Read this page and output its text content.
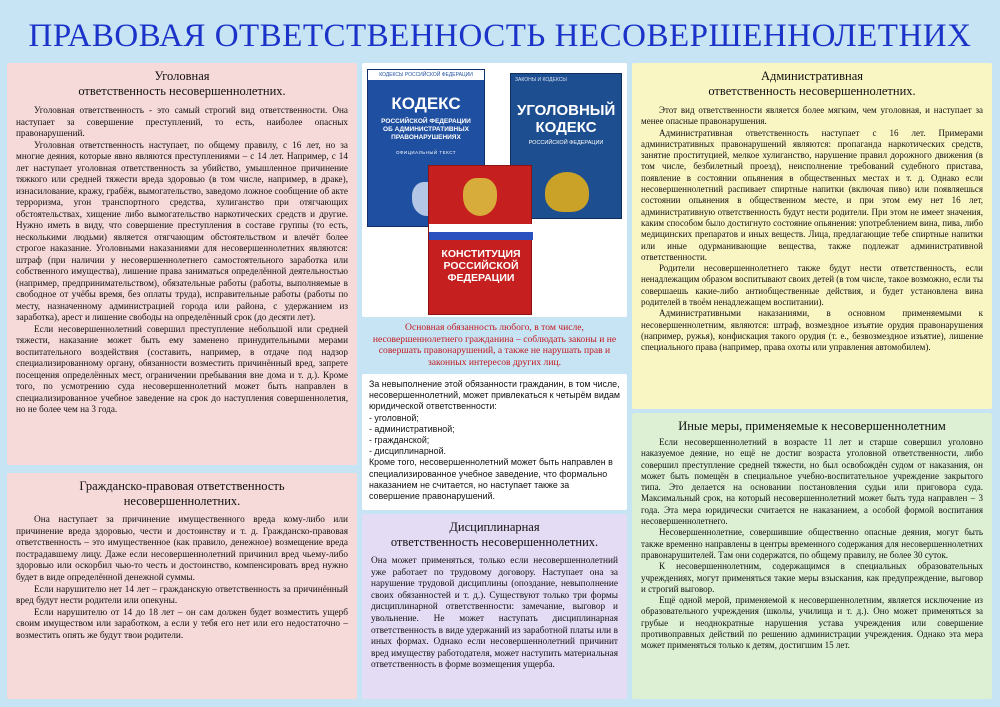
ПРАВОВАЯ ОТВЕТСТВЕННОСТЬ НЕСОВЕРШЕННОЛЕТНИХ
Уголовная
ответственность несовершеннолетних.

Уголовная ответственность - это самый строгий вид ответственности. Она наступает за совершение преступлений, то есть, наиболее опасных правонарушений.

Уголовная ответственность наступает, по общему правилу, с 16 лет, но за многие деяния, которые явно являются преступлениями – с 14 лет. Например, с 14 лет наступает уголовная ответственность за убийство, умышленное причинение тяжкого или средней тяжести вреда здоровью (в том числе, например, в драке), изнасилование, кражу, грабёж, вымогательство, заведомо ложное сообщение об акте терроризма, угон транспортного средства, хулиганство при отягчающих обстоятельствах, хищение либо вымогательство наркотических средств и другие. Нужно иметь в виду, что совершение преступления в составе группы (то есть, несколькими людьми) является отягчающим обстоятельством и влечёт более строгое наказание. Уголовными наказаниями для несовершеннолетних являются: штраф (при наличии у несовершеннолетнего самостоятельного заработка или собственного имущества), лишение права заниматься определённой деятельностью (например, предпринимательством), обязательные работы (работы, выполняемые в свободное от учёбы время, без оплаты труда), исправительные работы (работы по месту, назначенному администрацией города или района, с удержанием из заработка), арест и лишение свободы на определённый срок (до десяти лет).

Если несовершеннолетний совершил преступление небольшой или средней тяжести, наказание может быть ему заменено принудительными мерами воспитательного воздействия (составить, например, в отдаче под надзор специализированному органу, обязанности возместить причинённый вред, запрете посещения определённых мест, ограничении пребывания вне дома и т. д.). Кроме того, по усмотрению суда несовершеннолетний может быть направлен в специализированное учебное заведение на срок до наступления совершеннолетия, но не более чем на 3 года.

Гражданско-правовая ответственность
несовершеннолетних.

Она наступает за причинение имущественного вреда кому-либо или причинение вреда здоровью, чести и достоинству и т. д. Гражданско-правовая ответственность – это имущественное (как правило, денежное) возмещение вреда пострадавшему лицу. Даже если несовершеннолетний причинил вред чьему-либо здоровью или оскорбил чью-то честь и достоинство, компенсировать вред нужно будет в виде определённой денежной суммы.

Если нарушителю нет 14 лет – гражданскую ответственность за причинённый вред будут нести родители или опекуны.

Если нарушителю от 14 до 18 лет – он сам должен будет возместить ущерб своим имуществом или заработком, а если у тебя его нет или его недостаточно – возместить опять же будут твои родители.

КОДЕКСЫ РОССИЙСКОЙ ФЕДЕРАЦИИ
КОДЕКС
РОССИЙСКОЙ ФЕДЕРАЦИИ ОБ АДМИНИСТРАТИВНЫХ ПРАВОНАРУШЕНИЯХ
ОФИЦИАЛЬНЫЙ ТЕКСТ
ЗАКОНЫ И КОДЕКСЫ
УГОЛОВНЫЙ КОДЕКС
РОССИЙСКОЙ ФЕДЕРАЦИИ
КОНСТИТУЦИЯ РОССИЙСКОЙ ФЕДЕРАЦИИ
Основная обязанность любого, в том числе, несовершеннолетнего гражданина – соблюдать законы и не совершать правонарушений, а также не нарушать прав и законных интересов других лиц.

За невыполнение этой обязанности гражданин, в том числе, несовершеннолетний, может привлекаться к четырём видам юридической ответственности:

- уголовной;
- административной;
- гражданской;
- дисциплинарной.

Кроме того, несовершеннолетний может быть направлен в специализированное учебное заведение, что формально наказанием не считается, но наступает также за совершение правонарушений.

Дисциплинарная
ответственность несовершеннолетних.

Она может применяться, только если несовершеннолетний уже работает по трудовому договору. Наступает она за нарушение трудовой дисциплины (опоздание, невыполнение своих обязанностей и т. д.). Существуют только три формы дисциплинарной ответственности: замечание, выговор и увольнение. Не может наступать дисциплинарная ответственность в виде удержаний из заработной платы или в иных формах. Однако если несовершеннолетний причинит вред имуществу работодателя, может наступить материальная ответственность в форме возмещения ущерба.

Административная
ответственность несовершеннолетних.

Этот вид ответственности является более мягким, чем уголовная, и наступает за менее опасные правонарушения.

Административная ответственность наступает с 16 лет. Примерами административных правонарушений являются: пропаганда наркотических средств, занятие проституцией, мелкое хулиганство, нарушение правил дорожного движения (в том числе, безбилетный проезд), неисполнение требований судебного пристава, появление в состоянии опьянения в общественных местах и т. д. Однако если несовершеннолетний распивает спиртные напитки (включая пиво) или появляешься состоянии опьянения в общественном месте, и при этом ему нет 16 лет, административную ответственность будут нести родители. При этом не имеет значения, каким способом было достигнуто состояние опьянения: употреблением вина, пива, либо медицинских препаратов и иных веществ. Лица, предлагающие тебе спиртные напитки или иные одурманивающие вещества, также подлежат административной ответственности.

Родители несовершеннолетнего также будут нести ответственность, если ненадлежащим образом воспитывают своих детей (в том числе, такое возможно, если ты совершаешь какие-либо антиобщественные действия, и будет установлена вина родителей в твоём ненадлежащем воспитании).

Административными наказаниями, в основном применяемыми к несовершеннолетним, являются: штраф, возмездное изъятие орудия правонарушения (например, ружья), конфискация такого орудия (т. е., безвозмездное изъятие), лишение специального права (например, права охоты или управления автомобилем).

Иные меры, применяемые к несовершеннолетним

Если несовершеннолетний в возрасте 11 лет и старше совершил уголовно наказуемое деяние, но ещё не достиг возраста уголовной ответственности, либо совершил преступление средней тяжести, но был освобождён судом от наказания, он может быть помещён в специальное учебно-воспитательное учреждение закрытого типа. Это делается на основании постановления судьи или приговора суда. Максимальный срок, на который несовершеннолетний может быть туда направлен – 3 года. Эта мера юридически считается не наказанием, а особой формой воспитания несовершеннолетнего.

Несовершеннолетние, совершившие общественно опасные деяния, могут быть также временно направлены в центры временного содержания для несовершеннолетних правонарушителей. Там они содержатся, по общему правилу, не более 30 суток.

К несовершеннолетним, содержащимся в специальных образовательных учреждениях, могут применяться такие меры взыскания, как предупреждение, выговор и строгий выговор.

Ещё одной мерой, применяемой к несовершеннолетним, является исключение из образовательного учреждения (школы, училища и т. д.). Оно может применяться за грубые и неоднократные нарушения устава учреждения или совершение противоправных действий по решению администрации учреждения. Однако эта мера может применяться только к детям, достигшим 15 лет.
